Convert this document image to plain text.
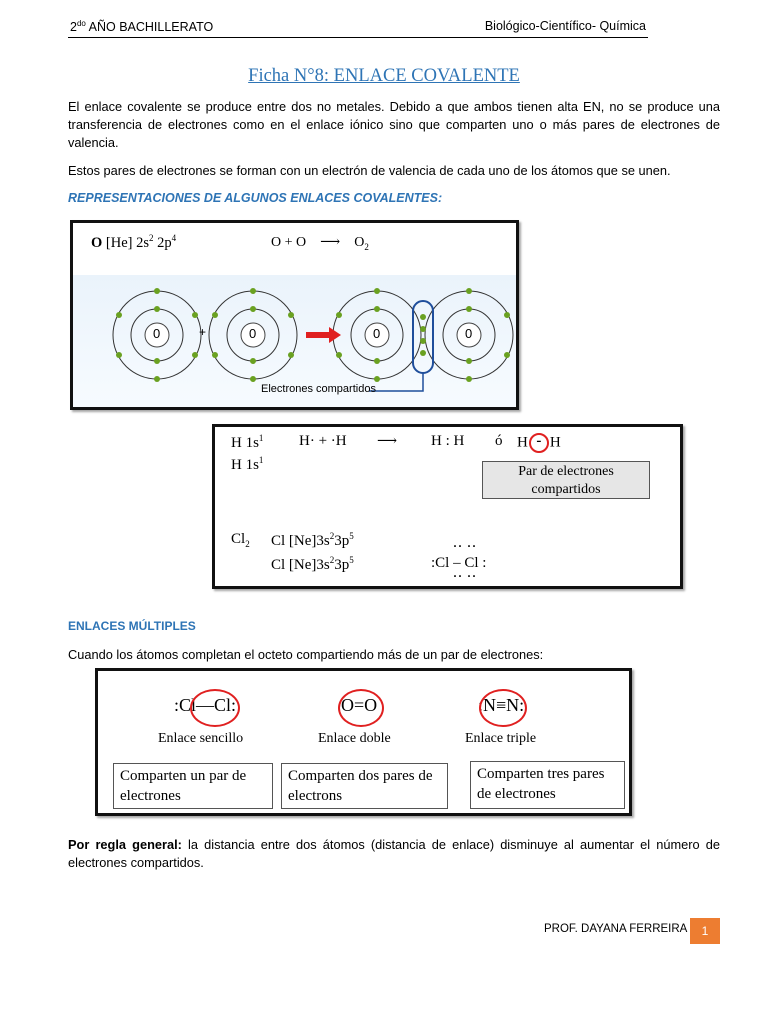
$2^{do}$ AÑO BACHILLERATO	Biológico-Científico- Química
Ficha N°8: ENLACE COVALENTE
El enlace covalente se produce entre dos no metales. Debido a que ambos tienen alta EN, no se produce una transferencia de electrones como en el enlace iónico sino que comparten uno o más pares de electrones de valencia.
Estos pares de electrones se forman con un electrón de valencia de cada uno de los átomos que se unen.
REPRESENTACIONES DE ALGUNOS ENLACES COVALENTES:
O [He] $2s^2$ $2p^4$	O + O ⟶ $O_2$
0	0	0	0
+
Electrones compartidos
H $1s^1$ H· + ·H ⟶ H : H ó H - H
H $1s^1$
Par de electrones compartidos
$Cl_2$ Cl $[Ne]3s^23p^5$
Cl $[Ne]3s^23p^5$
·· ··
:Cl – Cl :
·· ··
ENLACES MÚLTIPLES
Cuando los átomos completan el octeto compartiendo más de un par de electrones:
:Cl—Cl:	O=O	:N≡N:
Enlace sencillo	Enlace doble	Enlace triple
Comparten un par de electrones
Comparten dos pares de electrons
Comparten tres pares de electrones
Por regla general: la distancia entre dos átomos (distancia de enlace) disminuye al aumentar el número de electrones compartidos.
PROF. DAYANA FERREIRA	1
